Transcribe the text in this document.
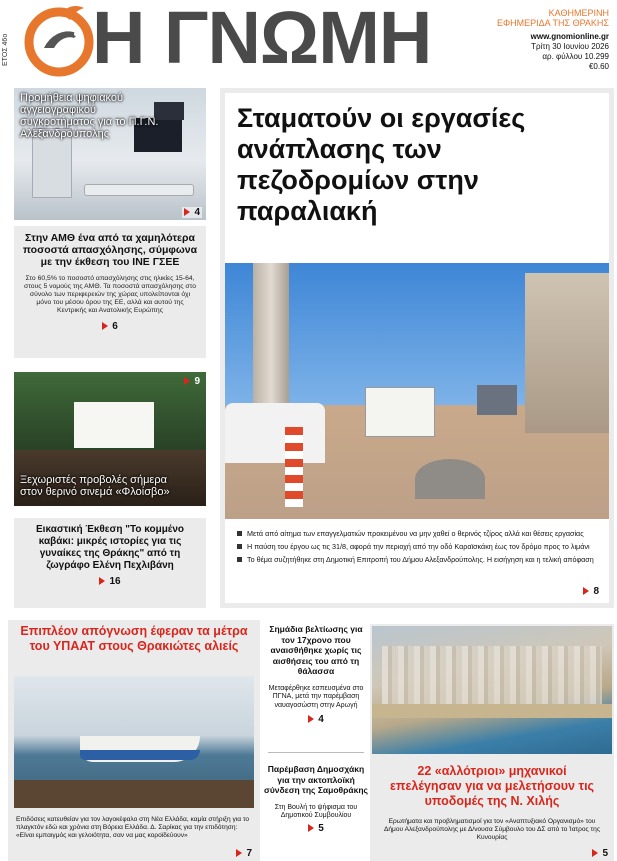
ΕΤΟΣ 46ο Η ΓΝΩΜΗ	ΚΑΘΗΜΕΡΙΝΗ
ΕΦΗΜΕΡΙΔΑ ΤΗΣ ΘΡΑΚΗΣ
www.gnomionline.gr
Τρίτη 30 Ιουνίου 2026
αρ. φύλλου 10.299
€0.60
Προμήθεια ψηφιακού αγγειογραφικού συγκροτήματος για το Π.Γ.Ν. Αλεξανδρούπολης
4
Στην ΑΜΘ ένα από τα χαμηλότερα ποσοστά απασχόλησης, σύμφωνα με την έκθεση του ΙΝΕ ΓΣΕΕ
Στο 60,5% το ποσοστό απασχόλησης στις ηλικίες 15-64, στους 5 νομούς της ΑΜΘ. Τα ποσοστά απασχόλησης στο σύνολο των περιφερειών της χώρας υπολείπονται όχι μόνο του μέσου όρου της ΕΕ, αλλά και αυτού της Κεντρικής και Ανατολικής Ευρώπης
6
9
Ξεχωριστές προβολές σήμερα στον θερινό σινεμά «Φλοίσβο»
Εικαστική Έκθεση "Το κομμένο καβάκι: μικρές ιστορίες για τις γυναίκες της Θράκης" από τη ζωγράφο Ελένη Πεχλιβάνη
16
Σταματούν οι εργασίες ανάπλασης των πεζοδρομίων στην παραλιακή
Μετά από αίτημα των επαγγελματιών προκειμένου να μην χαθεί ο θερινός τζίρος αλλά και θέσεις εργασίας
Η παύση του έργου ως τις 31/8, αφορά την περιοχή από την οδό Καραϊσκάκη έως τον δρόμο προς το λιμάνι
Το θέμα συζητήθηκε στη Δημοτική Επιτροπή του Δήμου Αλεξανδρούπολης. Η εισήγηση και η τελική απόφαση
8
Επιπλέον απόγνωση έφεραν τα μέτρα του ΥΠΑΑΤ στους Θρακιώτες αλιείς
Επιδόσεις κατευθείαν για τον λαγοκέφαλο στη Νέα Ελλάδα, καμία στήριξη για το πλαγκτόν εδώ και χρόνια στη Βόρεια Ελλάδα. Δ. Σαρίκας για την επιδότηση: «Είναι εμπαιγμός και γελοιότητα, σαν να μας κοροϊδεύουν»
7
Σημάδια βελτίωσης για τον 17χρονο που αναισθήθηκε χωρίς τις αισθήσεις του από τη θάλασσα
Μεταφέρθηκε εσπευσμένα στο ΠΓΝΑ, μετά την παρέμβαση ναυαγοσώστη στην Αρωγή
4
Παρέμβαση Δημοσχάκη για την ακτοπλοϊκή σύνδεση της Σαμοθράκης
Στη Βουλή το ψήφισμα του Δημοτικού Συμβουλίου
5
22 «αλλότριοι» μηχανικοί επελέγησαν για να μελετήσουν τις υποδομές της Ν. Χιλής
Ερωτήματα και προβληματισμοί για τον «Αναπτυξιακό Οργανισμό» του Δήμου Αλεξανδρούπολης με Δ/νουσα Σύμβουλο του ΔΣ από το Ίατρος της Κυνουρίας
5
